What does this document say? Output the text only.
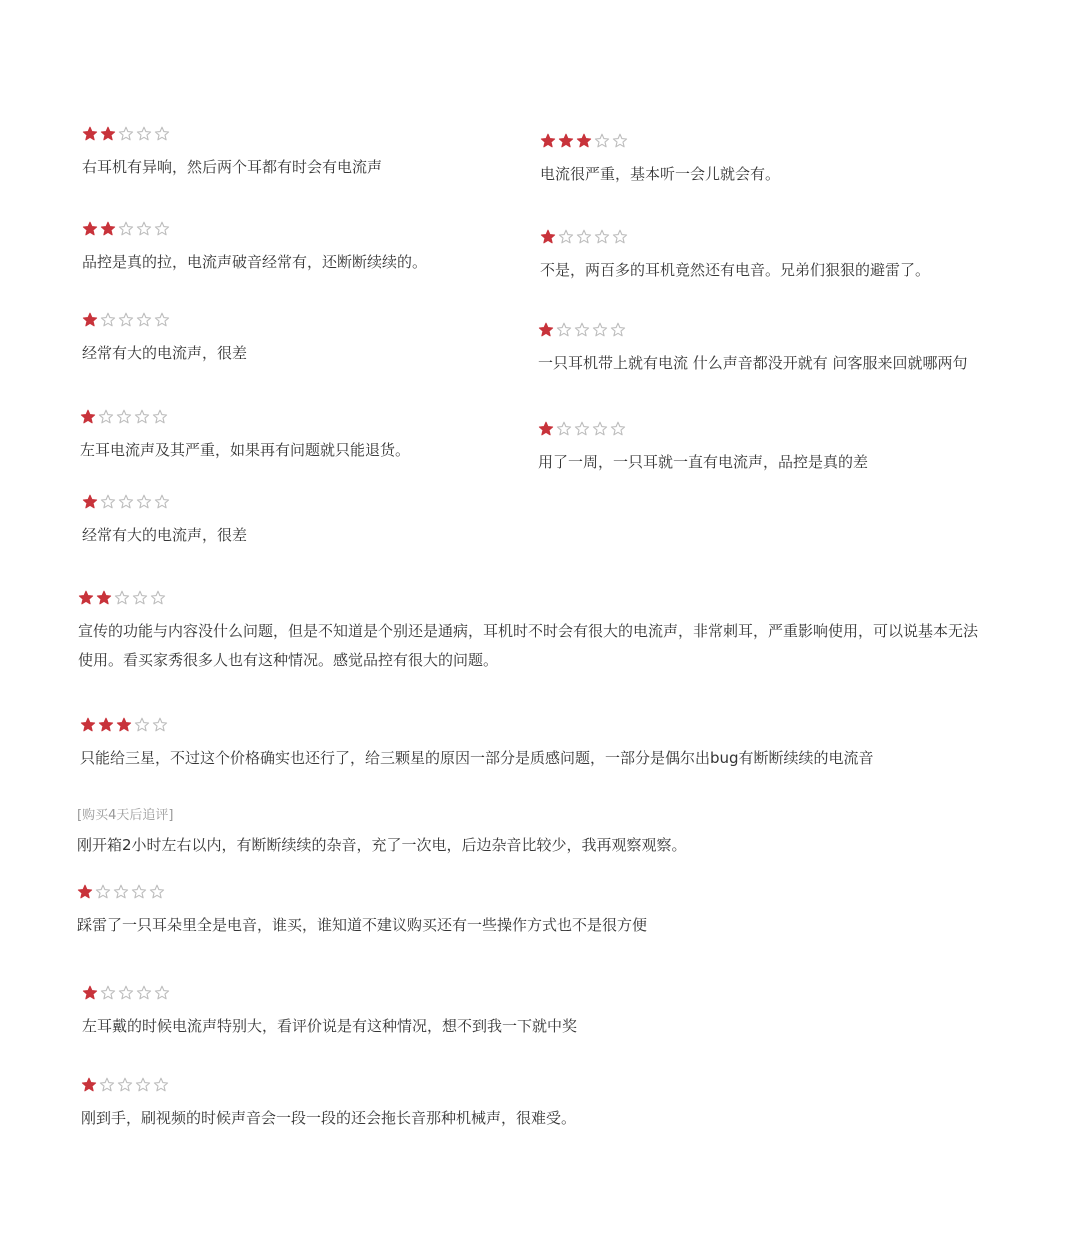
右耳机有异响，然后两个耳都有时会有电流声
品控是真的拉，电流声破音经常有，还断断续续的。
经常有大的电流声，很差
左耳电流声及其严重，如果再有问题就只能退货。
经常有大的电流声，很差
电流很严重，基本听一会儿就会有。
不是，两百多的耳机竟然还有电音。兄弟们狠狠的避雷了。
一只耳机带上就有电流 什么声音都没开就有 问客服来回就哪两句
用了一周，一只耳就一直有电流声，品控是真的差
宣传的功能与内容没什么问题，但是不知道是个别还是通病，耳机时不时会有很大的电流声，非常刺耳，严重影响使用，可以说基本无法使用。看买家秀很多人也有这种情况。感觉品控有很大的问题。
只能给三星，不过这个价格确实也还行了，给三颗星的原因一部分是质感问题，一部分是偶尔出bug有断断续续的电流音
[购买4天后追评]
刚开箱2小时左右以内，有断断续续的杂音，充了一次电，后边杂音比较少，我再观察观察。
踩雷了一只耳朵里全是电音，谁买，谁知道不建议购买还有一些操作方式也不是很方便
左耳戴的时候电流声特别大，看评价说是有这种情况，想不到我一下就中奖
刚到手，刷视频的时候声音会一段一段的还会拖长音那种机械声，很难受。
